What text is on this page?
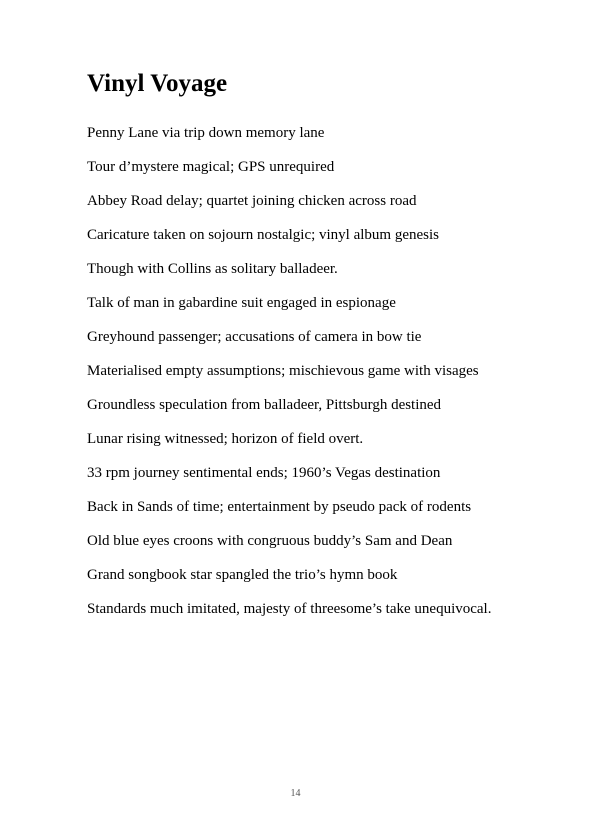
Vinyl Voyage
Penny Lane via trip down memory lane
Tour d’mystere magical; GPS unrequired
Abbey Road delay; quartet joining chicken across road
Caricature taken on sojourn nostalgic; vinyl album genesis
Though with Collins as solitary balladeer.
Talk of man in gabardine suit engaged in espionage
Greyhound passenger; accusations of camera in bow tie
Materialised empty assumptions; mischievous game with visages
Groundless speculation from balladeer, Pittsburgh destined
Lunar rising witnessed; horizon of field overt.
33 rpm journey sentimental ends; 1960’s Vegas destination
Back in Sands of time; entertainment by pseudo pack of rodents
Old blue eyes croons with congruous buddy’s Sam and Dean
Grand songbook star spangled the trio’s hymn book
Standards much imitated, majesty of threesome’s take unequivocal.
14
